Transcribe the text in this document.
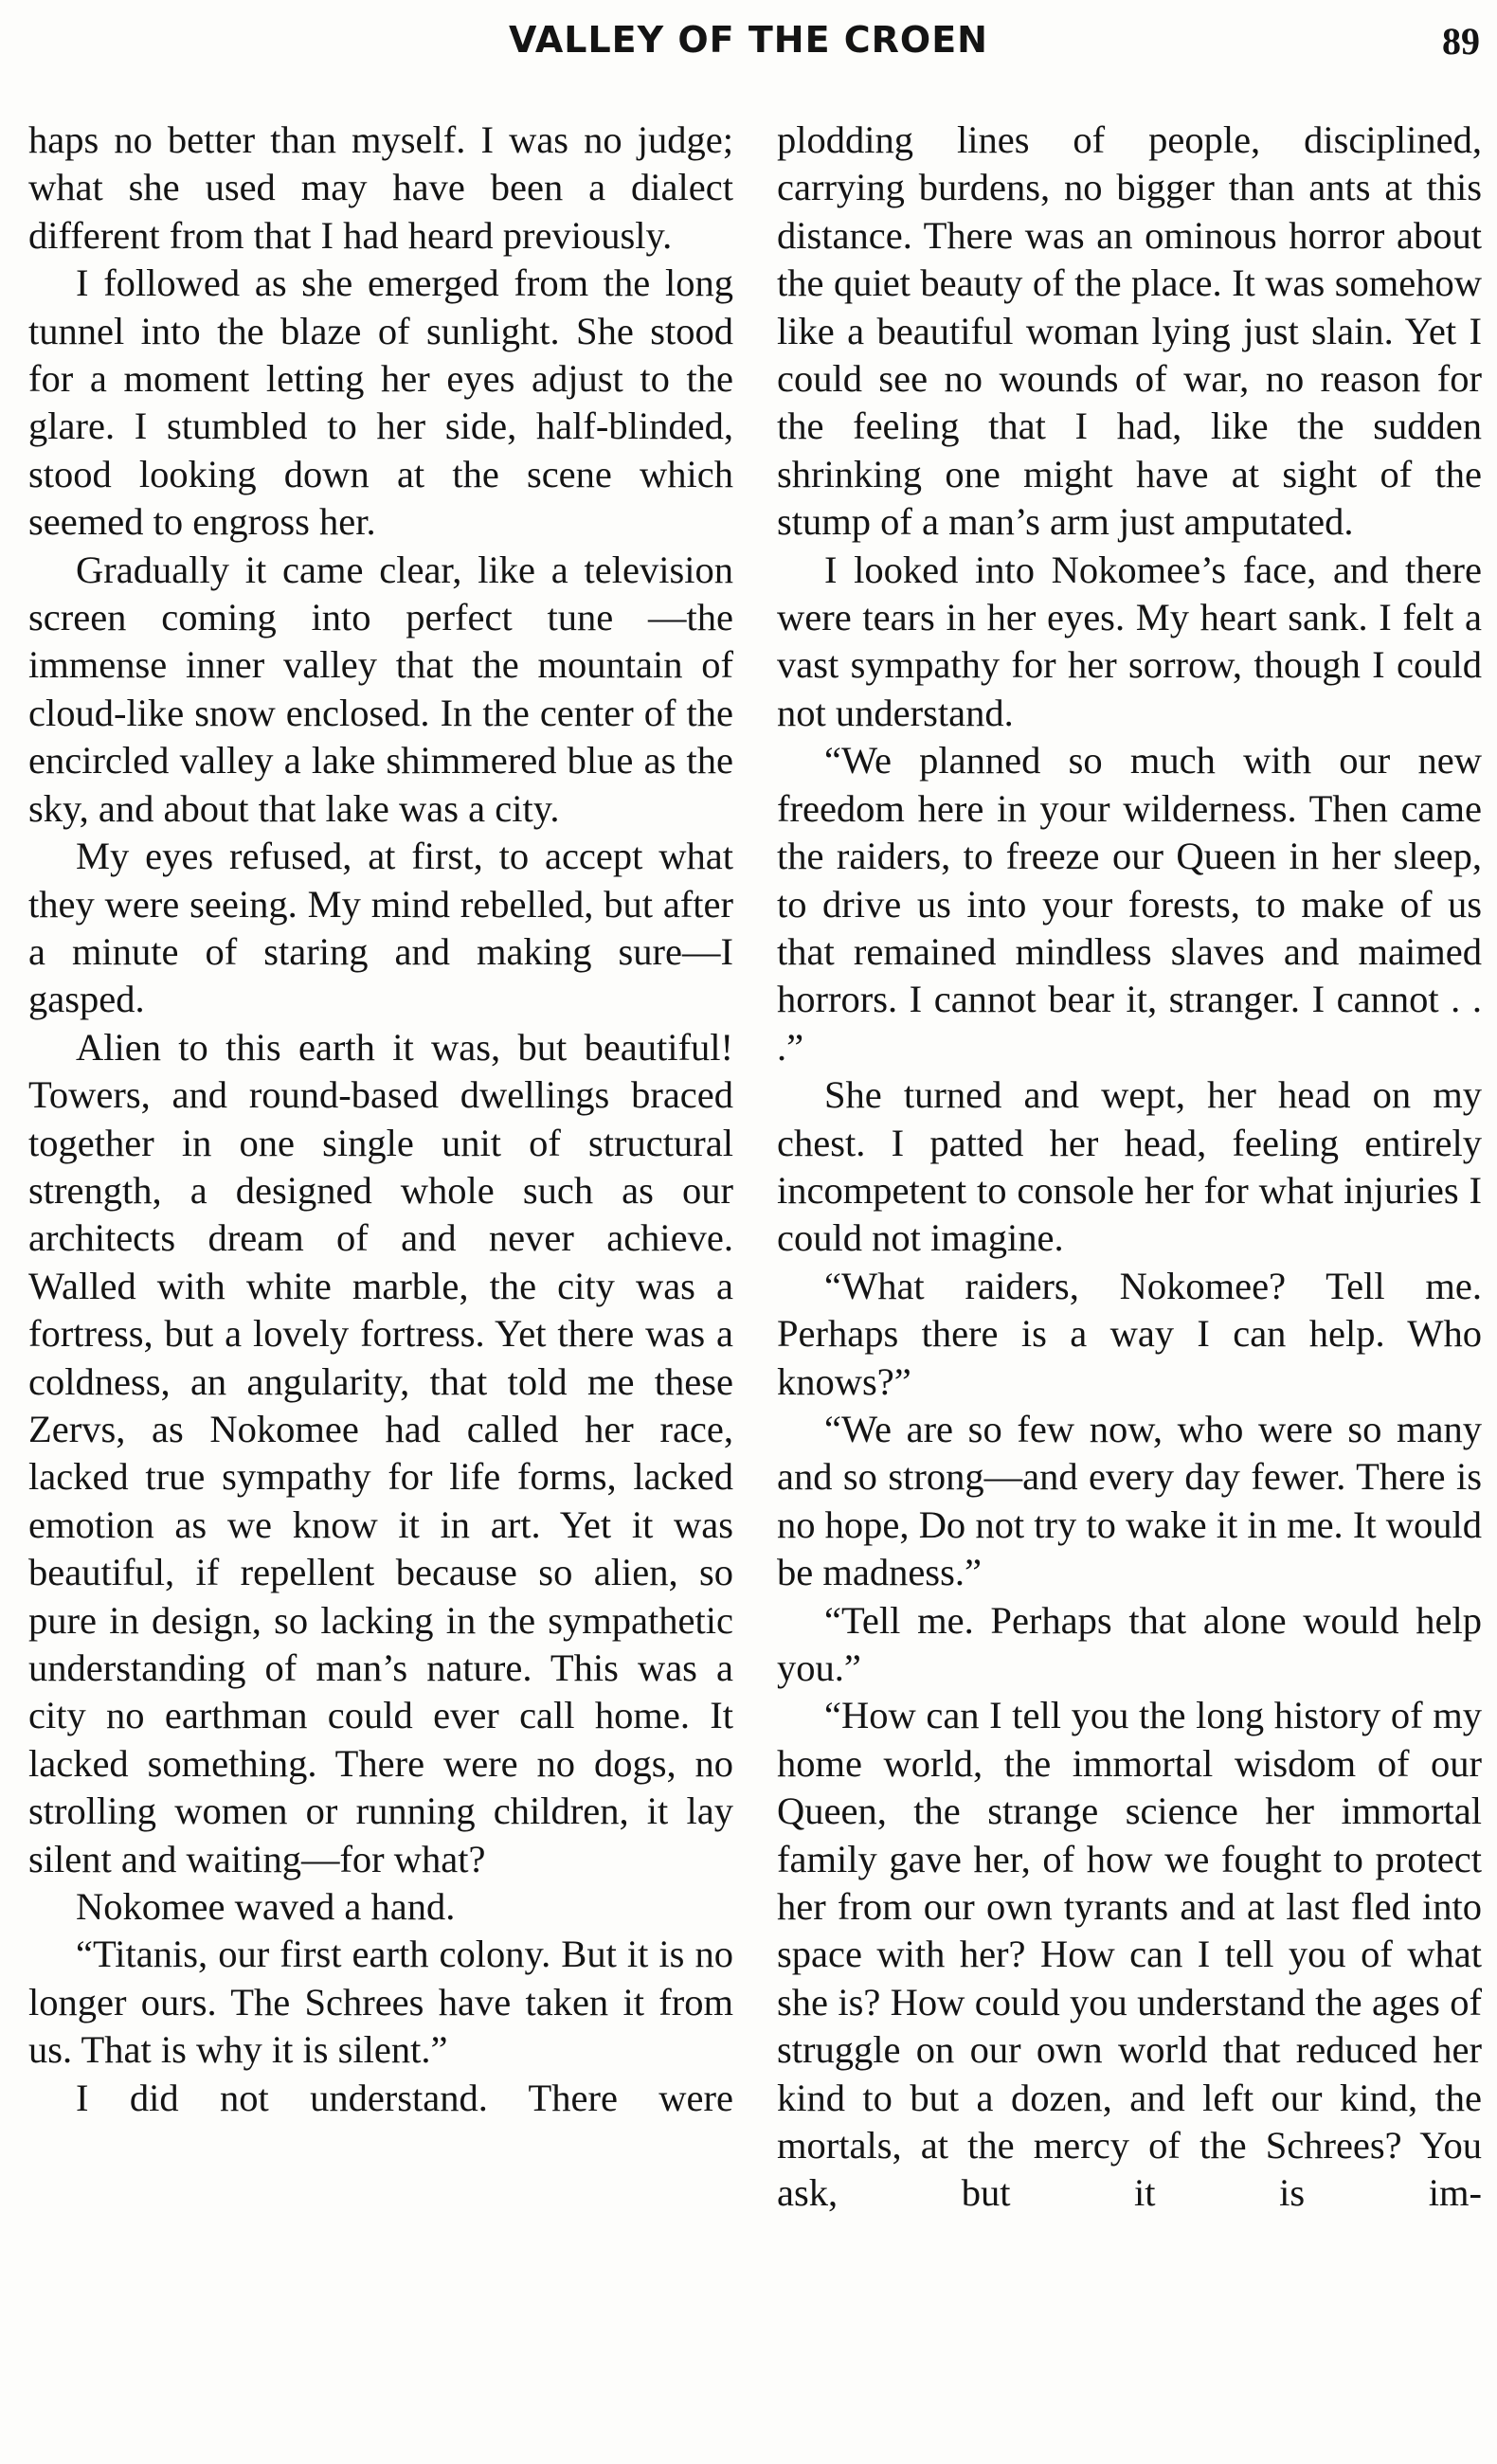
VALLEY OF THE CROEN	89

haps no better than myself. I was no judge; what she used may have been a dialect different from that I had heard previously.

I followed as she emerged from the long tunnel into the blaze of sunlight. She stood for a moment letting her eyes adjust to the glare. I stumbled to her side, half-blinded, stood looking down at the scene which seemed to engross her.

Gradually it came clear, like a television screen coming into perfect tune —the immense inner valley that the mountain of cloud-like snow enclosed. In the center of the encircled valley a lake shimmered blue as the sky, and about that lake was a city.

My eyes refused, at first, to accept what they were seeing. My mind rebelled, but after a minute of staring and making sure—I gasped.

Alien to this earth it was, but beautiful! Towers, and round-based dwellings braced together in one single unit of structural strength, a designed whole such as our architects dream of and never achieve. Walled with white marble, the city was a fortress, but a lovely fortress. Yet there was a coldness, an angularity, that told me these Zervs, as Nokomee had called her race, lacked true sympathy for life forms, lacked emotion as we know it in art. Yet it was beautiful, if repellent because so alien, so pure in design, so lacking in the sympathetic understanding of man’s nature. This was a city no earthman could ever call home. It lacked something. There were no dogs, no strolling women or running children, it lay silent and waiting—for what?

Nokomee waved a hand.

“Titanis, our first earth colony. But it is no longer ours. The Schrees have taken it from us. That is why it is silent.”

I did not understand. There were

plodding lines of people, disciplined, carrying burdens, no bigger than ants at this distance. There was an ominous horror about the quiet beauty of the place. It was somehow like a beautiful woman lying just slain. Yet I could see no wounds of war, no reason for the feeling that I had, like the sudden shrinking one might have at sight of the stump of a man’s arm just amputated.

I looked into Nokomee’s face, and there were tears in her eyes. My heart sank. I felt a vast sympathy for her sorrow, though I could not understand.

“We planned so much with our new freedom here in your wilderness. Then came the raiders, to freeze our Queen in her sleep, to drive us into your forests, to make of us that remained mindless slaves and maimed horrors. I cannot bear it, stranger. I cannot . . .”

She turned and wept, her head on my chest. I patted her head, feeling entirely incompetent to console her for what injuries I could not imagine.

“What raiders, Nokomee? Tell me. Perhaps there is a way I can help. Who knows?”

“We are so few now, who were so many and so strong—and every day fewer. There is no hope, Do not try to wake it in me. It would be madness.”

“Tell me. Perhaps that alone would help you.”

“How can I tell you the long history of my home world, the immortal wisdom of our Queen, the strange science her immortal family gave her, of how we fought to protect her from our own tyrants and at last fled into space with her? How can I tell you of what she is? How could you understand the ages of struggle on our own world that reduced her kind to but a dozen, and left our kind, the mortals, at the mercy of the Schrees? You ask, but it is im-
